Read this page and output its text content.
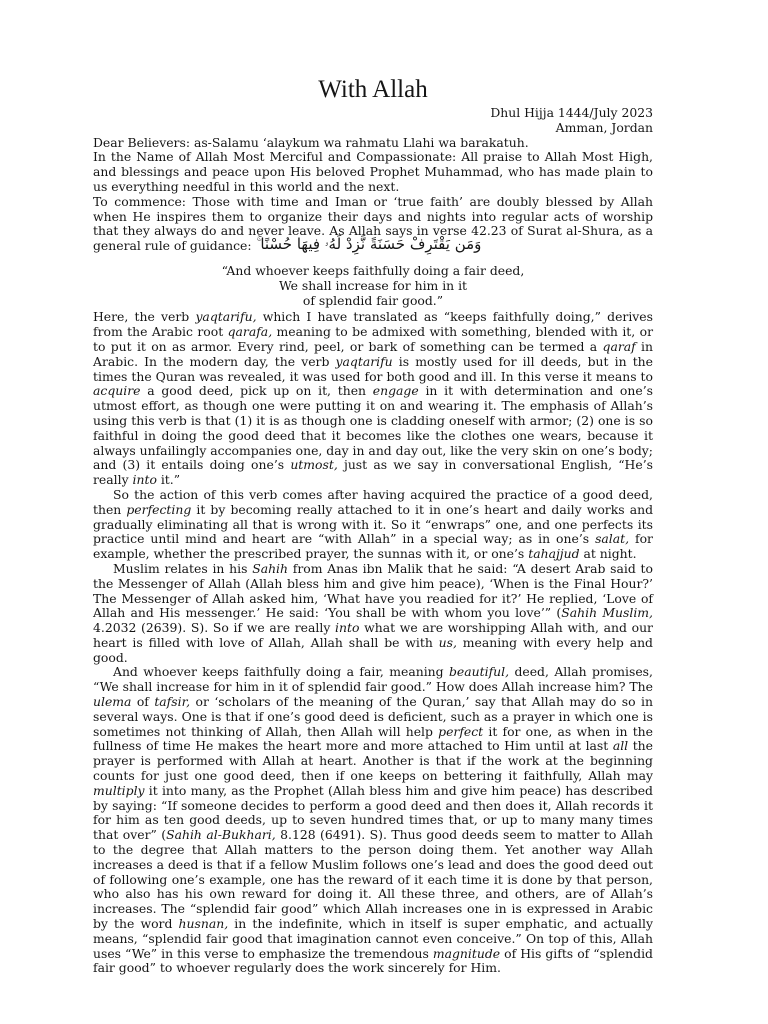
With Allah
Dhul Hijja 1444/July 2023
Amman, Jordan

Dear Believers: as-Salamu ‘alaykum wa rahmatu Llahi wa barakatuh.

In the Name of Allah Most Merciful and Compassionate: All praise to Allah Most High, and blessings and peace upon His beloved Prophet Muhammad, who has made plain to us everything needful in this world and the next.

To commence: Those with time and Iman or ‘true faith’ are doubly blessed by Allah when He inspires them to organize their days and nights into regular acts of worship that they always do and never leave. As Allah says in verse 42.23 of Surat al-Shura, as a general rule of guidance: وَمَن يَقْتَرِفْ حَسَنَةً نَّزِدْ لَهُۥ فِيهَا حُسْنًا ۚ
“And whoever keeps faithfully doing a fair deed,
We shall increase for him in it
of splendid fair good.”

Here, the verb yaqtarifu, which I have translated as “keeps faithfully doing,” derives from the Arabic root qarafa, meaning to be admixed with something, blended with it, or to put it on as armor. Every rind, peel, or bark of something can be termed a qaraf in Arabic. In the modern day, the verb yaqtarifu is mostly used for ill deeds, but in the times the Quran was revealed, it was used for both good and ill. In this verse it means to acquire a good deed, pick up on it, then engage in it with determination and one’s utmost effort, as though one were putting it on and wearing it. The emphasis of Allah’s using this verb is that (1) it is as though one is cladding oneself with armor; (2) one is so faithful in doing the good deed that it becomes like the clothes one wears, because it always unfailingly accompanies one, day in and day out, like the very skin on one’s body; and (3) it entails doing one’s utmost, just as we say in conversational English, “He’s really into it.”

So the action of this verb comes after having acquired the practice of a good deed, then perfecting it by becoming really attached to it in one’s heart and daily works and gradually eliminating all that is wrong with it. So it “enwraps” one, and one perfects its practice until mind and heart are “with Allah” in a special way; as in one’s salat, for example, whether the prescribed prayer, the sunnas with it, or one’s tahajjud at night.

Muslim relates in his Sahih from Anas ibn Malik that he said: “A desert Arab said to the Messenger of Allah (Allah bless him and give him peace), ‘When is the Final Hour?’ The Messenger of Allah asked him, ‘What have you readied for it?’ He replied, ‘Love of Allah and His messenger.’ He said: ‘You shall be with whom you love’” (Sahih Muslim, 4.2032 (2639). S). So if we are really into what we are worshipping Allah with, and our heart is filled with love of Allah, Allah shall be with us, meaning with every help and good.

And whoever keeps faithfully doing a fair, meaning beautiful, deed, Allah promises, “We shall increase for him in it of splendid fair good.” How does Allah increase him? The ulema of tafsir, or ‘scholars of the meaning of the Quran,’ say that Allah may do so in several ways. One is that if one’s good deed is deficient, such as a prayer in which one is sometimes not thinking of Allah, then Allah will help perfect it for one, as when in the fullness of time He makes the heart more and more attached to Him until at last all the prayer is performed with Allah at heart. Another is that if the work at the beginning counts for just one good deed, then if one keeps on bettering it faithfully, Allah may multiply it into many, as the Prophet (Allah bless him and give him peace) has described by saying: “If someone decides to perform a good deed and then does it, Allah records it for him as ten good deeds, up to seven hundred times that, or up to many many times that over” (Sahih al-Bukhari, 8.128 (6491). S). Thus good deeds seem to matter to Allah to the degree that Allah matters to the person doing them. Yet another way Allah increases a deed is that if a fellow Muslim follows one’s lead and does the good deed out of following one’s example, one has the reward of it each time it is done by that person, who also has his own reward for doing it. All these three, and others, are of Allah’s increases. The “splendid fair good” which Allah increases one in is expressed in Arabic by the word husnan, in the indefinite, which in itself is super emphatic, and actually means, “splendid fair good that imagination cannot even conceive.” On top of this, Allah uses “We” in this verse to emphasize the tremendous magnitude of His gifts of “splendid fair good” to whoever regularly does the work sincerely for Him.
